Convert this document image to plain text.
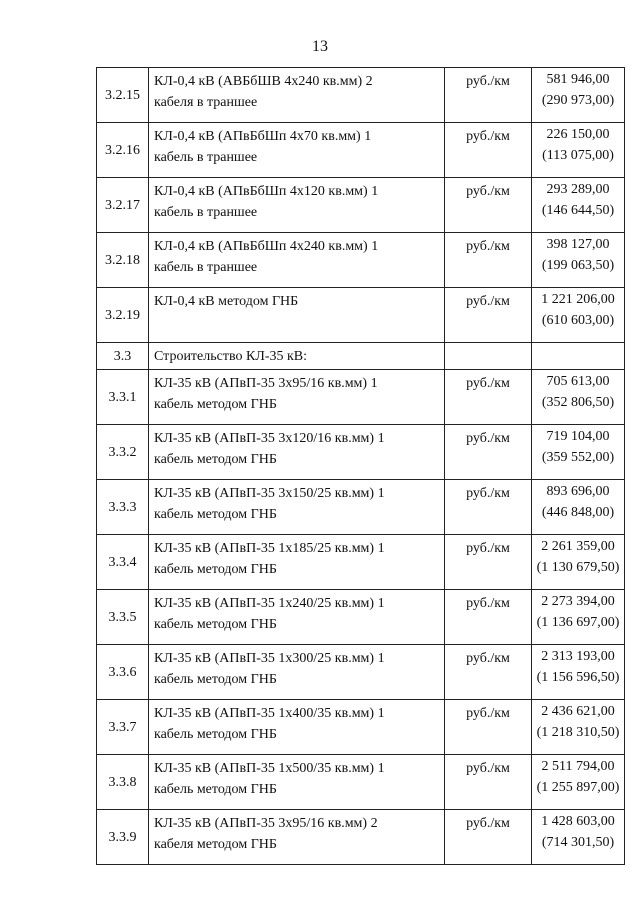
13
3.2.15	КЛ-0,4 кВ (АВБбШВ 4х240 кв.мм) 2
кабеля в траншее	руб./км	581 946,00
(290 973,00)

3.2.16	КЛ-0,4 кВ (АПвБбШп 4х70 кв.мм) 1
кабель в траншее	руб./км	226 150,00
(113 075,00)

3.2.17	КЛ-0,4 кВ (АПвБбШп 4х120 кв.мм) 1
кабель в траншее	руб./км	293 289,00
(146 644,50)

3.2.18	КЛ-0,4 кВ (АПвБбШп 4х240 кв.мм) 1
кабель в траншее	руб./км	398 127,00
(199 063,50)

3.2.19	КЛ-0,4 кВ методом ГНБ	руб./км	1 221 206,00
(610 603,00)

3.3	Строительство КЛ-35 кВ:		

3.3.1	КЛ-35 кВ (АПвП-35 3х95/16 кв.мм) 1
кабель методом ГНБ	руб./км	705 613,00
(352 806,50)

3.3.2	КЛ-35 кВ (АПвП-35 3х120/16 кв.мм) 1
кабель методом ГНБ	руб./км	719 104,00
(359 552,00)

3.3.3	КЛ-35 кВ (АПвП-35 3х150/25 кв.мм) 1
кабель методом ГНБ	руб./км	893 696,00
(446 848,00)

3.3.4	КЛ-35 кВ (АПвП-35 1х185/25 кв.мм) 1
кабель методом ГНБ	руб./км	2 261 359,00
(1 130 679,50)

3.3.5	КЛ-35 кВ (АПвП-35 1х240/25 кв.мм) 1
кабель методом ГНБ	руб./км	2 273 394,00
(1 136 697,00)

3.3.6	КЛ-35 кВ (АПвП-35 1х300/25 кв.мм) 1
кабель методом ГНБ	руб./км	2 313 193,00
(1 156 596,50)

3.3.7	КЛ-35 кВ (АПвП-35 1х400/35 кв.мм) 1
кабель методом ГНБ	руб./км	2 436 621,00
(1 218 310,50)

3.3.8	КЛ-35 кВ (АПвП-35 1х500/35 кв.мм) 1
кабель методом ГНБ	руб./км	2 511 794,00
(1 255 897,00)

3.3.9	КЛ-35 кВ (АПвП-35 3х95/16 кв.мм) 2
кабеля методом ГНБ	руб./км	1 428 603,00
(714 301,50)
